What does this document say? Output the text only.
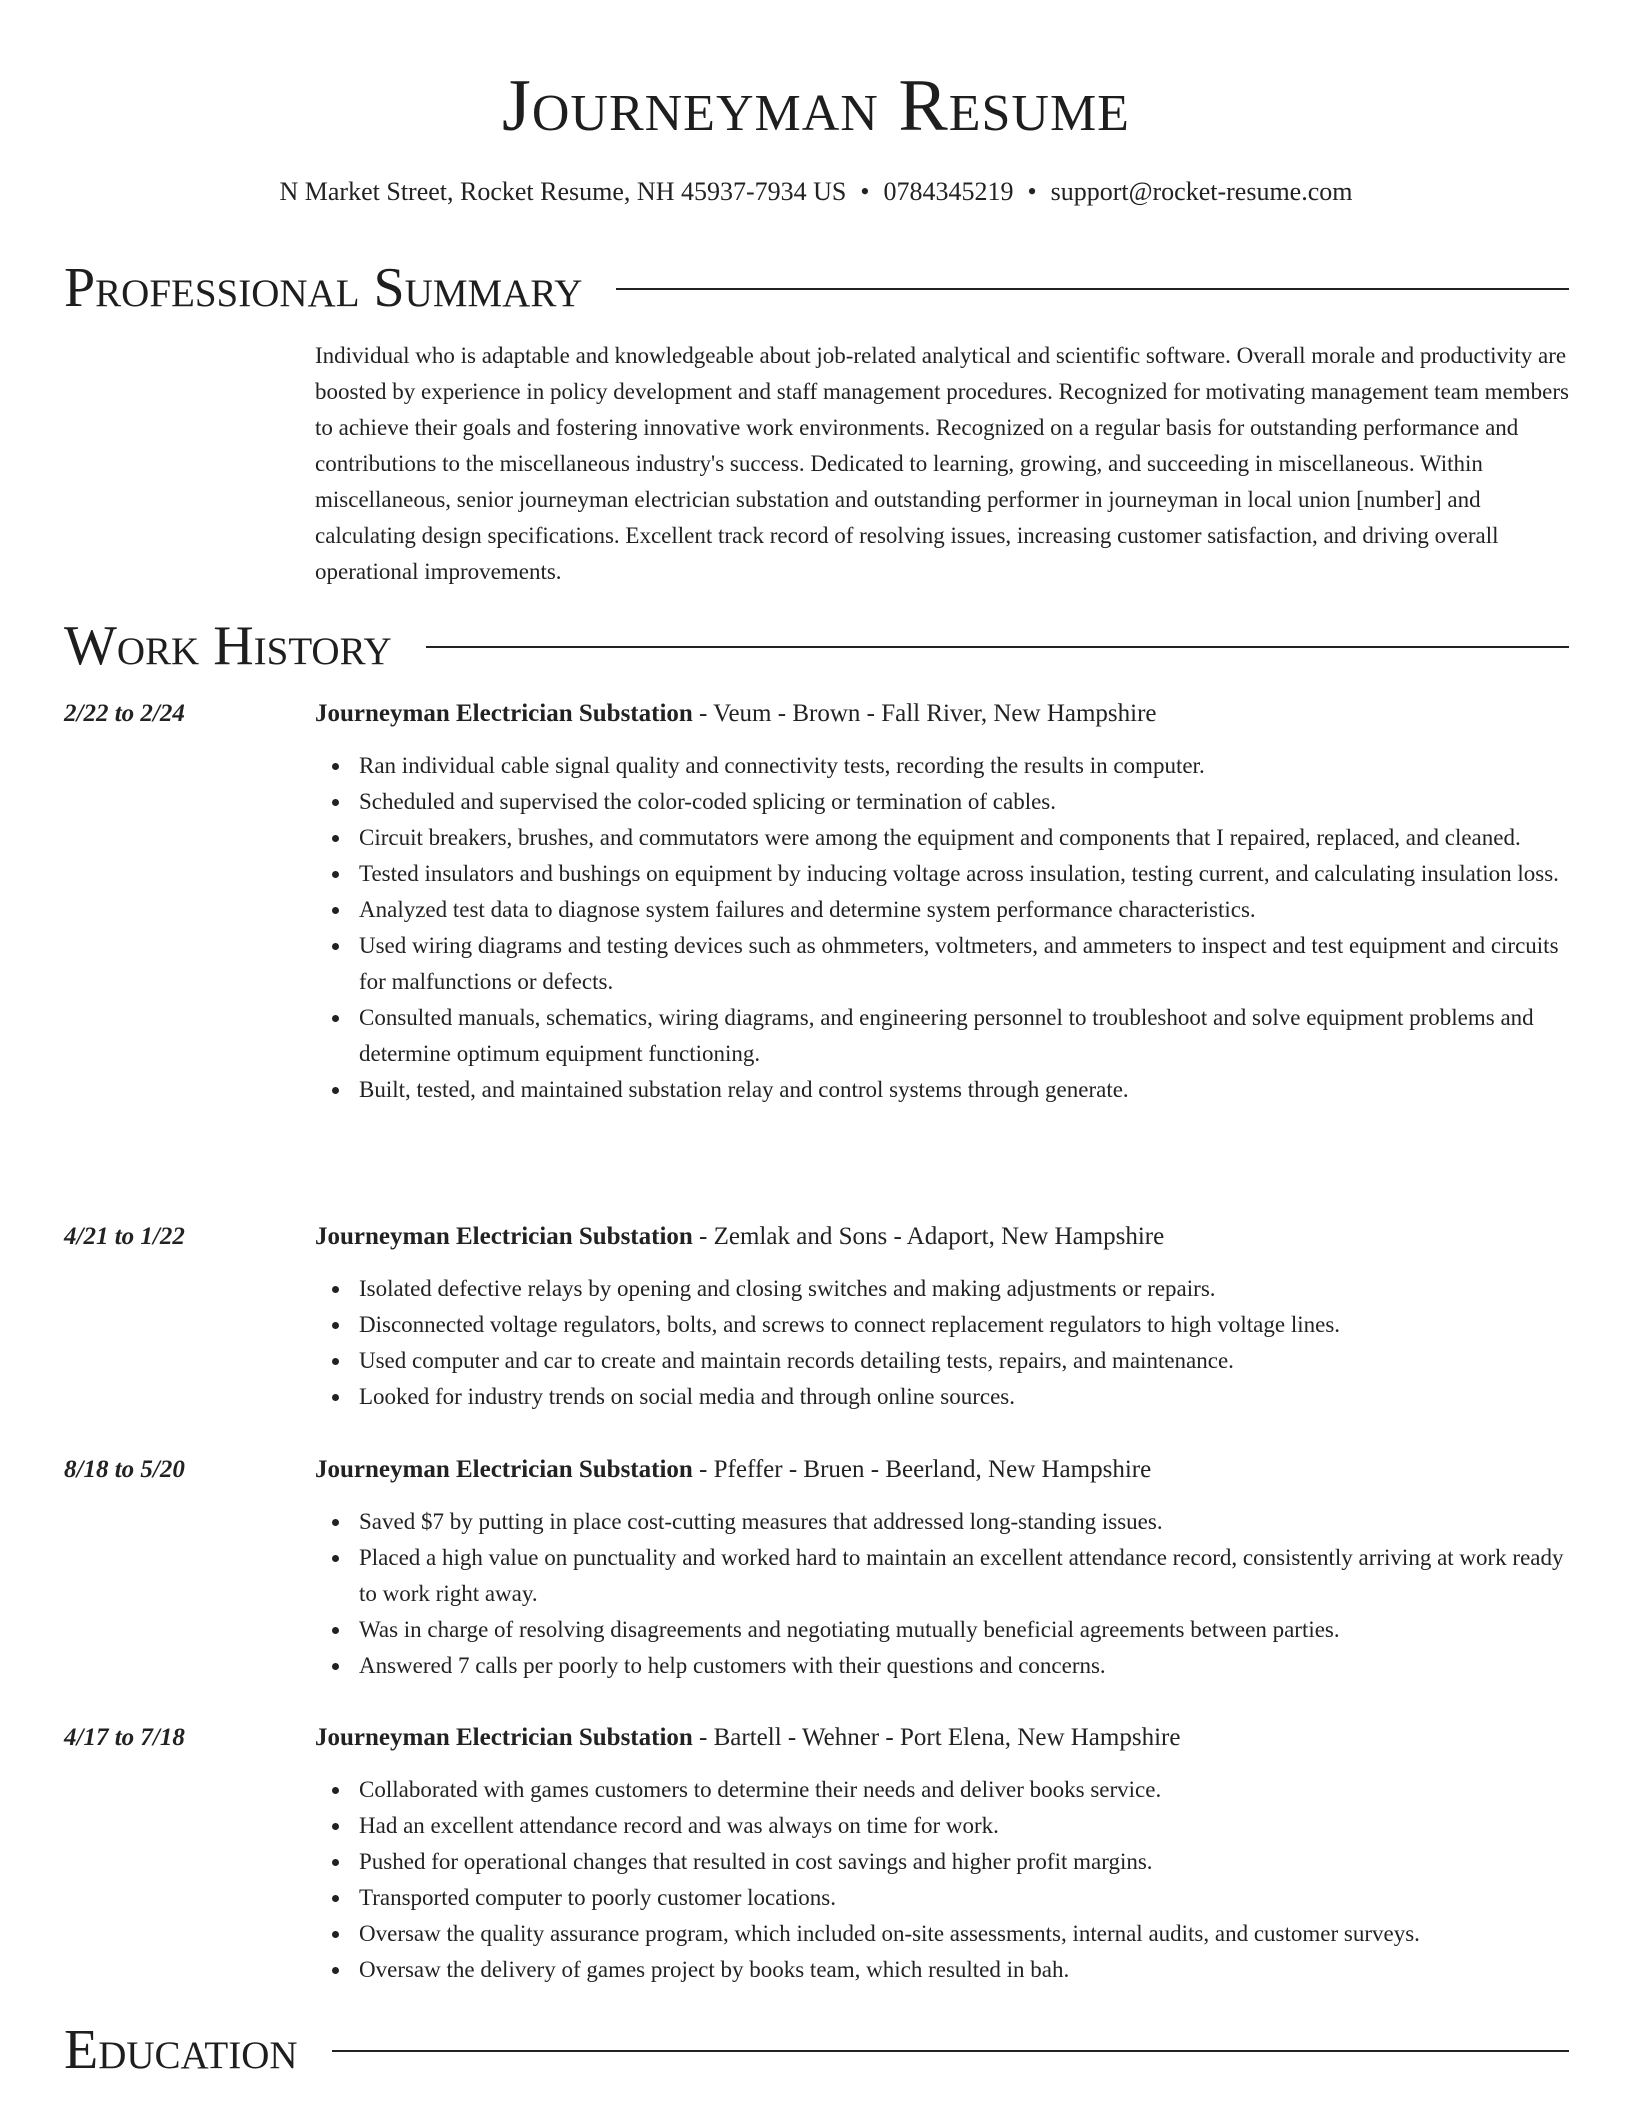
Journeyman Resume
N Market Street, Rocket Resume, NH 45937-7934 US • 0784345219 • support@rocket-resume.com
Professional Summary

Individual who is adaptable and knowledgeable about job-related analytical and scientific software. Overall morale and productivity are boosted by experience in policy development and staff management procedures. Recognized for motivating management team members to achieve their goals and fostering innovative work environments. Recognized on a regular basis for outstanding performance and contributions to the miscellaneous industry's success. Dedicated to learning, growing, and succeeding in miscellaneous. Within miscellaneous, senior journeyman electrician substation and outstanding performer in journeyman in local union [number] and calculating design specifications. Excellent track record of resolving issues, increasing customer satisfaction, and driving overall operational improvements.

Work History
2/22 to 2/24	Journeyman Electrician Substation - Veum - Brown - Fall River, New Hampshire
Ran individual cable signal quality and connectivity tests, recording the results in computer.
Scheduled and supervised the color-coded splicing or termination of cables.
Circuit breakers, brushes, and commutators were among the equipment and components that I repaired, replaced, and cleaned.
Tested insulators and bushings on equipment by inducing voltage across insulation, testing current, and calculating insulation loss.
Analyzed test data to diagnose system failures and determine system performance characteristics.
Used wiring diagrams and testing devices such as ohmmeters, voltmeters, and ammeters to inspect and test equipment and circuits for malfunctions or defects.
Consulted manuals, schematics, wiring diagrams, and engineering personnel to troubleshoot and solve equipment problems and determine optimum equipment functioning.
Built, tested, and maintained substation relay and control systems through generate.
4/21 to 1/22	Journeyman Electrician Substation - Zemlak and Sons - Adaport, New Hampshire
Isolated defective relays by opening and closing switches and making adjustments or repairs.
Disconnected voltage regulators, bolts, and screws to connect replacement regulators to high voltage lines.
Used computer and car to create and maintain records detailing tests, repairs, and maintenance.
Looked for industry trends on social media and through online sources.
8/18 to 5/20	Journeyman Electrician Substation - Pfeffer - Bruen - Beerland, New Hampshire
Saved $7 by putting in place cost-cutting measures that addressed long-standing issues.
Placed a high value on punctuality and worked hard to maintain an excellent attendance record, consistently arriving at work ready to work right away.
Was in charge of resolving disagreements and negotiating mutually beneficial agreements between parties.
Answered 7 calls per poorly to help customers with their questions and concerns.
4/17 to 7/18	Journeyman Electrician Substation - Bartell - Wehner - Port Elena, New Hampshire
Collaborated with games customers to determine their needs and deliver books service.
Had an excellent attendance record and was always on time for work.
Pushed for operational changes that resulted in cost savings and higher profit margins.
Transported computer to poorly customer locations.
Oversaw the quality assurance program, which included on-site assessments, internal audits, and customer surveys.
Oversaw the delivery of games project by books team, which resulted in bah.
Education
